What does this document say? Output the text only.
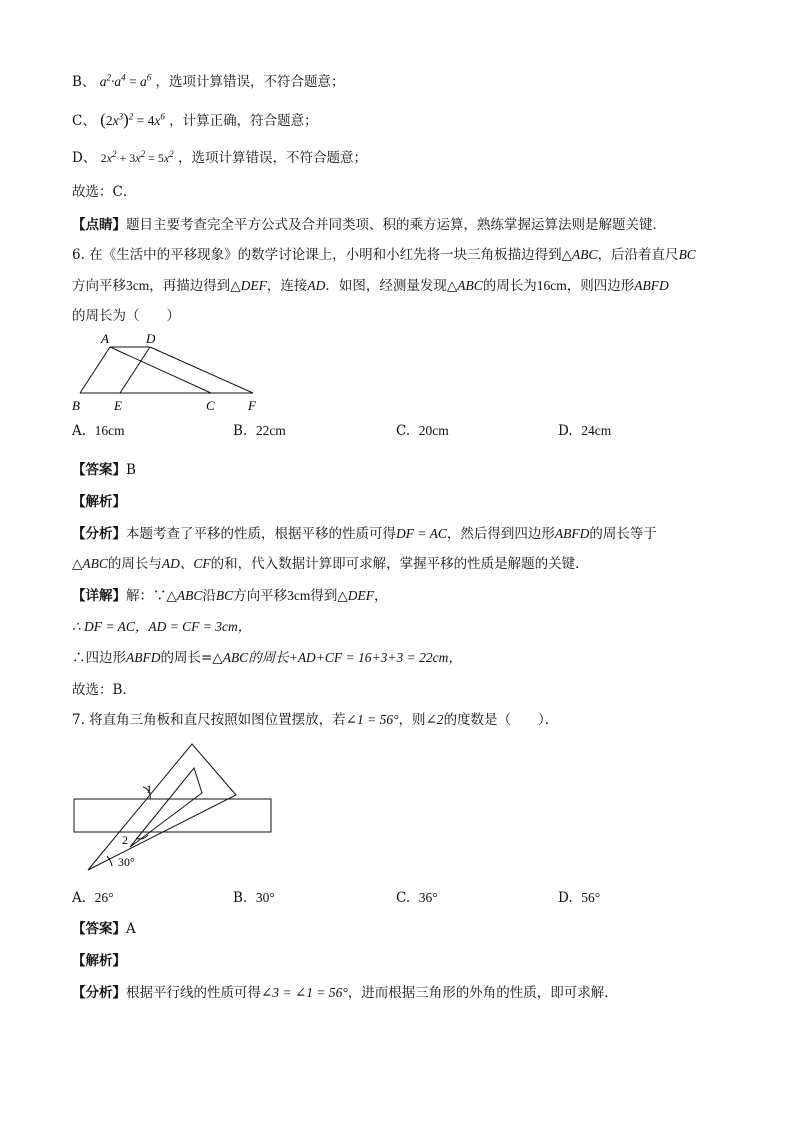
B、 $a^2\cdot a^4 = a^6$ ，选项计算错误，不符合题意；
C、 $(2x^3)^2 = 4x^6$ ，计算正确，符合题意；
D、 $2x^2 + 3x^2 = 5x^2$ ，选项计算错误，不符合题意；
故选：C．
【点睛】题目主要考查完全平方公式及合并同类项、积的乘方运算，熟练掌握运算法则是解题关键．
6. 在《生活中的平移现象》的数学讨论课上，小明和小红先将一块三角板描边得到△ABC，后沿着直尺BC
方向平移3cm，再描边得到△DEF，连接AD．如图，经测量发现△ABC的周长为16cm，则四边形ABFD
的周长为（　　）
A	D
B	E	C	F
A. 16cm	B. 22cm	C. 20cm	D. 24cm
【答案】B
【解析】
【分析】本题考查了平移的性质，根据平移的性质可得DF = AC，然后得到四边形ABFD的周长等于
△ABC的周长与AD、CF的和，代入数据计算即可求解，掌握平移的性质是解题的关键．
【详解】解：∵△ABC沿BC方向平移3cm得到△DEF，
∴ DF = AC，AD = CF = 3cm，
∴四边形ABFD的周长=△ABC的周长+AD+CF = 16+3+3 = 22cm，
故选：B．
7. 将直角三角板和直尺按照如图位置摆放，若∠1 = 56°，则∠2的度数是（　　）．
1
2
30°
A. 26°	B. 30°	C. 36°	D. 56°
【答案】A
【解析】
【分析】根据平行线的性质可得∠3 = ∠1 = 56°，进而根据三角形的外角的性质，即可求解．
